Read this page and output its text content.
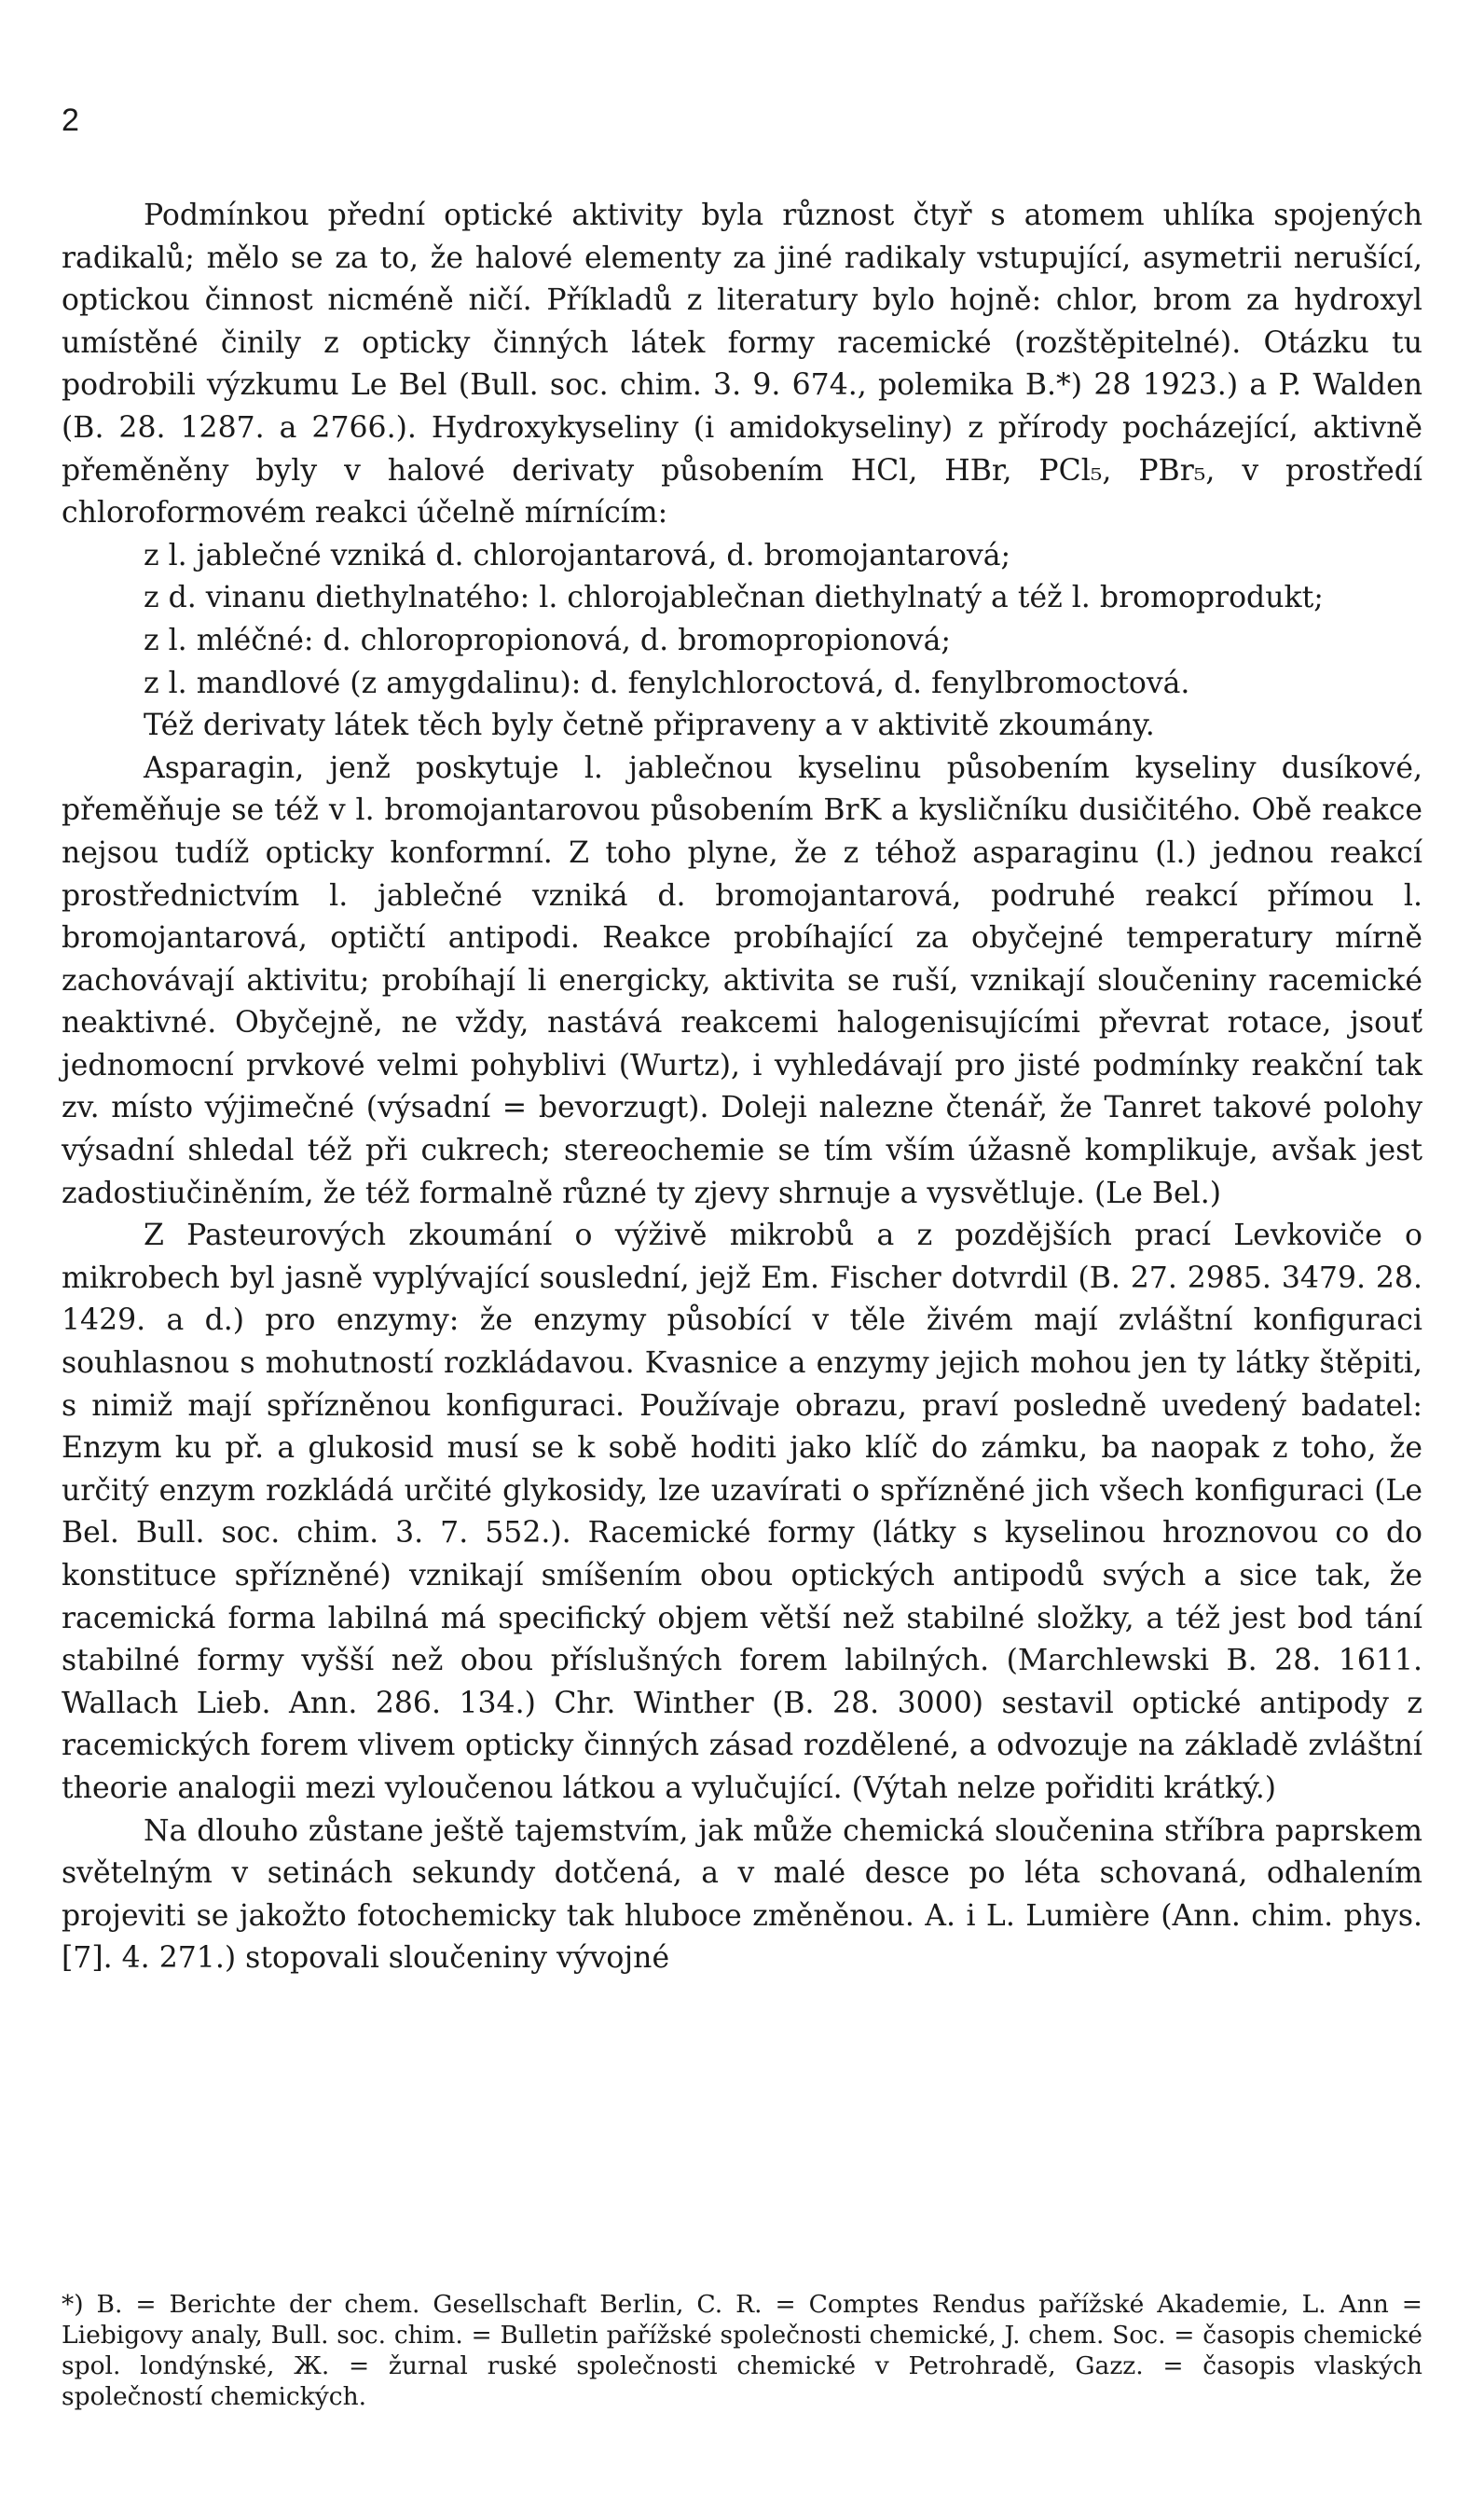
2

Podmínkou přední optické aktivity byla různost čtyř s atomem uhlíka spojených radikalů; mělo se za to, že halové elementy za jiné radikaly vstupující, asymetrii nerušící, optickou činnost nicméně ničí. Příkladů z literatury bylo hojně: chlor, brom za hydroxyl umístěné činily z opticky činných látek formy racemické (rozštěpitelné). Otázku tu podrobili výzkumu Le Bel (Bull. soc. chim. 3. 9. 674., polemika B.*) 28 1923.) a P. Walden (B. 28. 1287. a 2766.). Hydroxykyseliny (i amidokyseliny) z přírody pocházející, aktivně přeměněny byly v halové derivaty působením HCl, HBr, PCl₅, PBr₅, v prostředí chloroformovém reakci účelně mírnícím:

z l. jablečné vzniká d. chlorojantarová, d. bromojantarová;

z d. vinanu diethylnatého: l. chlorojablečnan diethylnatý a též l. bromoprodukt;

z l. mléčné: d. chloropropionová, d. bromopropionová;

z l. mandlové (z amygdalinu): d. fenylchloroctová, d. fenylbromoctová.

Též derivaty látek těch byly četně připraveny a v aktivitě zkoumány.

Asparagin, jenž poskytuje l. jablečnou kyselinu působením kyseliny dusíkové, přeměňuje se též v l. bromojantarovou působením BrK a kysličníku dusičitého. Obě reakce nejsou tudíž opticky konformní. Z toho plyne, že z téhož asparaginu (l.) jednou reakcí prostřednictvím l. jablečné vzniká d. bromojantarová, podruhé reakcí přímou l. bromojantarová, optičtí antipodi. Reakce probíhající za obyčejné temperatury mírně zachovávají aktivitu; probíhají li energicky, aktivita se ruší, vznikají sloučeniny racemické neaktivné. Obyčejně, ne vždy, nastává reakcemi halogenisujícími převrat rotace, jsouť jednomocní prvkové velmi pohyblivi (Wurtz), i vyhledávají pro jisté podmínky reakční tak zv. místo výjimečné (výsadní = bevorzugt). Doleji nalezne čtenář, že Tanret takové polohy výsadní shledal též při cukrech; stereochemie se tím vším úžasně komplikuje, avšak jest zadostiučiněním, že též formalně různé ty zjevy shrnuje a vysvětluje. (Le Bel.)

Z Pasteurových zkoumání o výživě mikrobů a z pozdějších prací Levkoviče o mikrobech byl jasně vyplývající souslední, jejž Em. Fischer dotvrdil (B. 27. 2985. 3479. 28. 1429. a d.) pro enzymy: že enzymy působící v těle živém mají zvláštní konfiguraci souhlasnou s mohutností rozkládavou. Kvasnice a enzymy jejich mohou jen ty látky štěpiti, s nimiž mají spřízněnou konfiguraci. Používaje obrazu, praví posledně uvedený badatel: Enzym ku př. a glukosid musí se k sobě hoditi jako klíč do zámku, ba naopak z toho, že určitý enzym rozkládá určité glykosidy, lze uzavírati o spřízněné jich všech konfiguraci (Le Bel. Bull. soc. chim. 3. 7. 552.). Racemické formy (látky s kyselinou hroznovou co do konstituce spřízněné) vznikají smíšením obou optických antipodů svých a sice tak, že racemická forma labilná má specifický objem větší než stabilné složky, a též jest bod tání stabilné formy vyšší než obou příslušných forem labilných. (Marchlewski B. 28. 1611. Wallach Lieb. Ann. 286. 134.) Chr. Winther (B. 28. 3000) sestavil optické antipody z racemických forem vlivem opticky činných zásad rozdělené, a odvozuje na základě zvláštní theorie analogii mezi vyloučenou látkou a vylučující. (Výtah nelze pořiditi krátký.)

Na dlouho zůstane ještě tajemstvím, jak může chemická sloučenina stříbra paprskem světelným v setinách sekundy dotčená, a v malé desce po léta schovaná, odhalením projeviti se jakožto fotochemicky tak hluboce změněnou. A. i L. Lumière (Ann. chim. phys. [7]. 4. 271.) stopovali sloučeniny vývojné

*) B. = Berichte der chem. Gesellschaft Berlin, C. R. = Comptes Rendus pařížské Akademie, L. Ann = Liebigovy analy, Bull. soc. chim. = Bulletin pařížské společnosti chemické, J. chem. Soc. = časopis chemické spol. londýnské, Ж. = žurnal ruské společnosti chemické v Petrohradě, Gazz. = časopis vlaských společností chemických.
